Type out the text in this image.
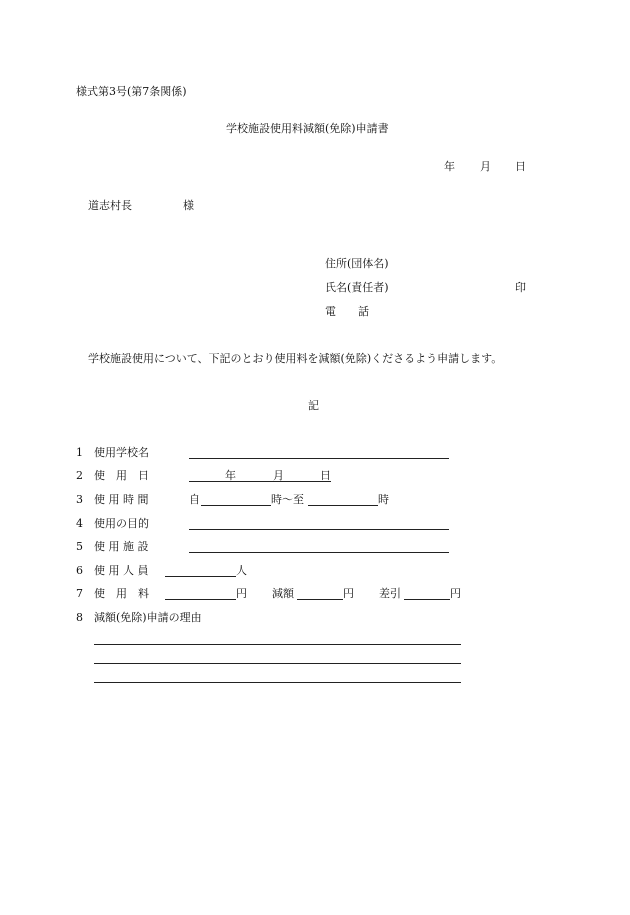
様式第3号(第7条関係)
学校施設使用料減額(免除)申請書
年 月 日
道志村長	様
住所(団体名)
氏名(責任者)	印
電　　話
学校施設使用について、下記のとおり使用料を減額(免除)くださるよう申請します。
記
1 使用学校名
2 使　用　日	年	月	日
3 使 用 時 間	自	時～至	時
4 使用の目的
5 使 用 施 設
6 使 用 人 員	人
7 使　用　料	円 減額	円 差引	円
8 減額(免除)申請の理由
